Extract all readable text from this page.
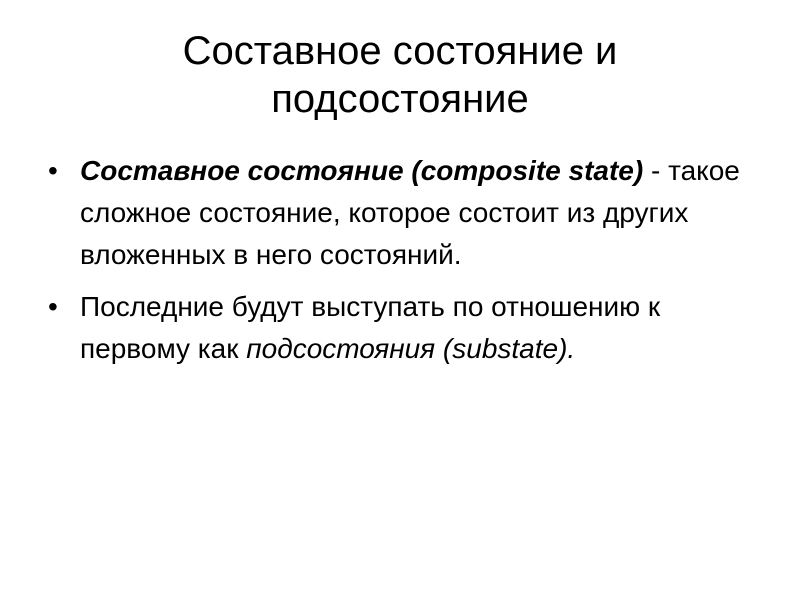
Составное состояние и подсостояние
• Составное состояние (composite state) - такое сложное состояние, которое состоит из других вложенных в него состояний.
• Последние будут выступать по отношению к первому как подсостояния (substate).
